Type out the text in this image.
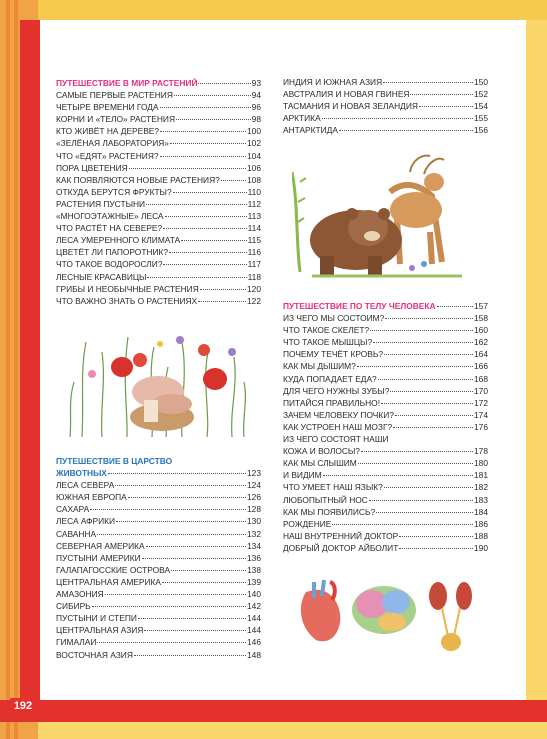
192
ПУТЕШЕСТВИЕ В МИР РАСТЕНИЙ	93
САМЫЕ ПЕРВЫЕ РАСТЕНИЯ	94
ЧЕТЫРЕ ВРЕМЕНИ ГОДА	96
КОРНИ И «ТЕЛО» РАСТЕНИЯ	98
КТО ЖИВЁТ НА ДЕРЕВЕ?	100
«ЗЕЛЁНАЯ ЛАБОРАТОРИЯ»	102
ЧТО «ЕДЯТ» РАСТЕНИЯ?	104
ПОРА ЦВЕТЕНИЯ	106
КАК ПОЯВЛЯЮТСЯ НОВЫЕ РАСТЕНИЯ?	108
ОТКУДА БЕРУТСЯ ФРУКТЫ?	110
РАСТЕНИЯ ПУСТЫНИ	112
«МНОГОЭТАЖНЫЕ» ЛЕСА	113
ЧТО РАСТЁТ НА СЕВЕРЕ?	114
ЛЕСА УМЕРЕННОГО КЛИМАТА	115
ЦВЕТЁТ ЛИ ПАПОРОТНИК?	116
ЧТО ТАКОЕ ВОДОРОСЛИ?	117
ЛЕСНЫЕ КРАСАВИЦЫ	118
ГРИБЫ И НЕОБЫЧНЫЕ РАСТЕНИЯ	120
ЧТО ВАЖНО ЗНАТЬ О РАСТЕНИЯХ	122
ПУТЕШЕСТВИЕ В ЦАРСТВО
ЖИВОТНЫХ	123
ЛЕСА СЕВЕРА	124
ЮЖНАЯ ЕВРОПА	126
САХАРА	128
ЛЕСА АФРИКИ	130
САВАННА	132
СЕВЕРНАЯ АМЕРИКА	134
ПУСТЫНИ АМЕРИКИ	136
ГАЛАПАГОССКИЕ ОСТРОВА	138
ЦЕНТРАЛЬНАЯ АМЕРИКА	139
АМАЗОНИЯ	140
СИБИРЬ	142
ПУСТЫНИ И СТЕПИ	144
ЦЕНТРАЛЬНАЯ АЗИЯ	144
ГИМАЛАИ	146
ВОСТОЧНАЯ АЗИЯ	148
ИНДИЯ И ЮЖНАЯ АЗИЯ	150
АВСТРАЛИЯ И НОВАЯ ГВИНЕЯ	152
ТАСМАНИЯ И НОВАЯ ЗЕЛАНДИЯ	154
АРКТИКА	155
АНТАРКТИДА	156
ПУТЕШЕСТВИЕ ПО ТЕЛУ ЧЕЛОВЕКА	157
ИЗ ЧЕГО МЫ СОСТОИМ?	158
ЧТО ТАКОЕ СКЕЛЕТ?	160
ЧТО ТАКОЕ МЫШЦЫ?	162
ПОЧЕМУ ТЕЧЁТ КРОВЬ?	164
КАК МЫ ДЫШИМ?	166
КУДА ПОПАДАЕТ ЕДА?	168
ДЛЯ ЧЕГО НУЖНЫ ЗУБЫ?	170
ПИТАЙСЯ ПРАВИЛЬНО!	172
ЗАЧЕМ ЧЕЛОВЕКУ ПОЧКИ?	174
КАК УСТРОЕН НАШ МОЗГ?	176
ИЗ ЧЕГО СОСТОЯТ НАШИ
КОЖА И ВОЛОСЫ?	178
КАК МЫ СЛЫШИМ	180
И ВИДИМ	181
ЧТО УМЕЕТ НАШ ЯЗЫК?	182
ЛЮБОПЫТНЫЙ НОС	183
КАК МЫ ПОЯВИЛИСЬ?	184
РОЖДЕНИЕ	186
НАШ ВНУТРЕННИЙ ДОКТОР	188
ДОБРЫЙ ДОКТОР АЙБОЛИТ	190
